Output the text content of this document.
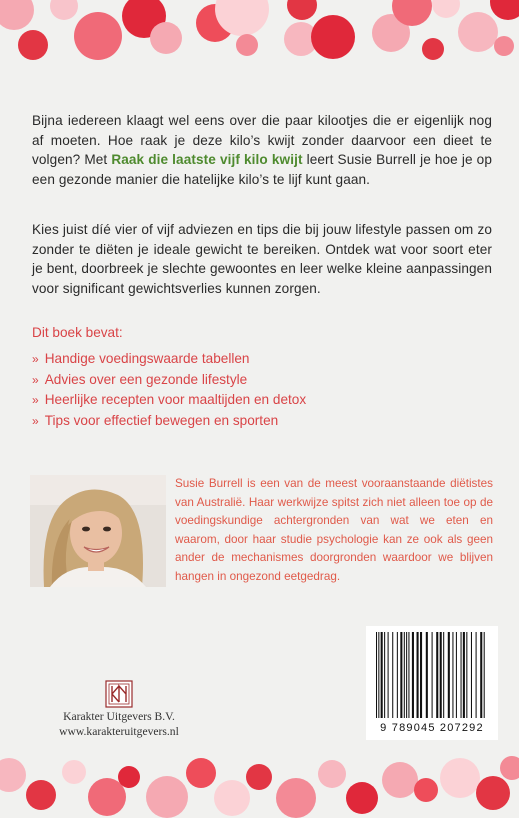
Bijna iedereen klaagt wel eens over die paar kilootjes die er eigenlijk nog af moeten. Hoe raak je deze kilo’s kwijt zonder daarvoor een dieet te volgen? Met Raak die laatste vijf kilo kwijt leert Susie Burrell je hoe je op een gezonde manier die hatelijke kilo’s te lijf kunt gaan.

Kies juist díé vier of vijf adviezen en tips die bij jouw lifestyle passen om zo zonder te diëten je ideale gewicht te bereiken. Ontdek wat voor soort eter je bent, doorbreek je slechte gewoontes en leer welke kleine aanpassingen voor significant gewichtsverlies kunnen zorgen.

Dit boek bevat:
» Handige voedingswaarde tabellen
» Advies over een gezonde lifestyle
» Heerlijke recepten voor maaltijden en detox
» Tips voor effectief bewegen en sporten

Susie Burrell is een van de meest vooraanstaande diëtistes van Australië. Haar werkwijze spitst zich niet alleen toe op de voedingskundige achtergronden van wat we eten en waarom, door haar studie psychologie kan ze ook als geen ander de mechanismes doorgronden waardoor we blijven hangen in ongezond eetgedrag.

Karakter Uitgevers B.V.
www.karakteruitgevers.nl	9 789045 207292
